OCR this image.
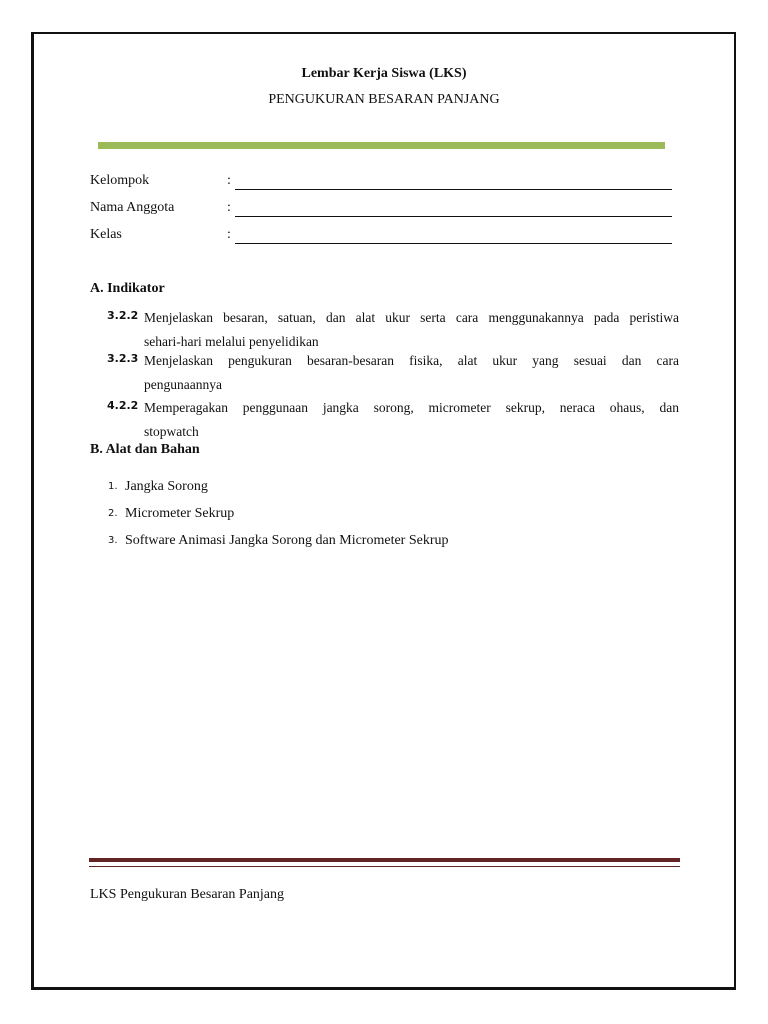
Lembar Kerja Siswa (LKS)
PENGUKURAN BESARAN PANJANG
Kelompok	:
Nama Anggota	:
Kelas	:
A. Indikator
3.2.2 Menjelaskan besaran, satuan, dan alat ukur serta cara menggunakannya pada peristiwa
sehari-hari melalui penyelidikan
3.2.3 Menjelaskan pengukuran besaran-besaran fisika, alat ukur yang sesuai dan cara
pengunaannya
4.2.2 Memperagakan penggunaan jangka sorong, micrometer sekrup, neraca ohaus, dan
stopwatch
B. Alat dan Bahan
1. Jangka Sorong
2. Micrometer Sekrup
3. Software Animasi Jangka Sorong dan Micrometer Sekrup
LKS Pengukuran Besaran Panjang
